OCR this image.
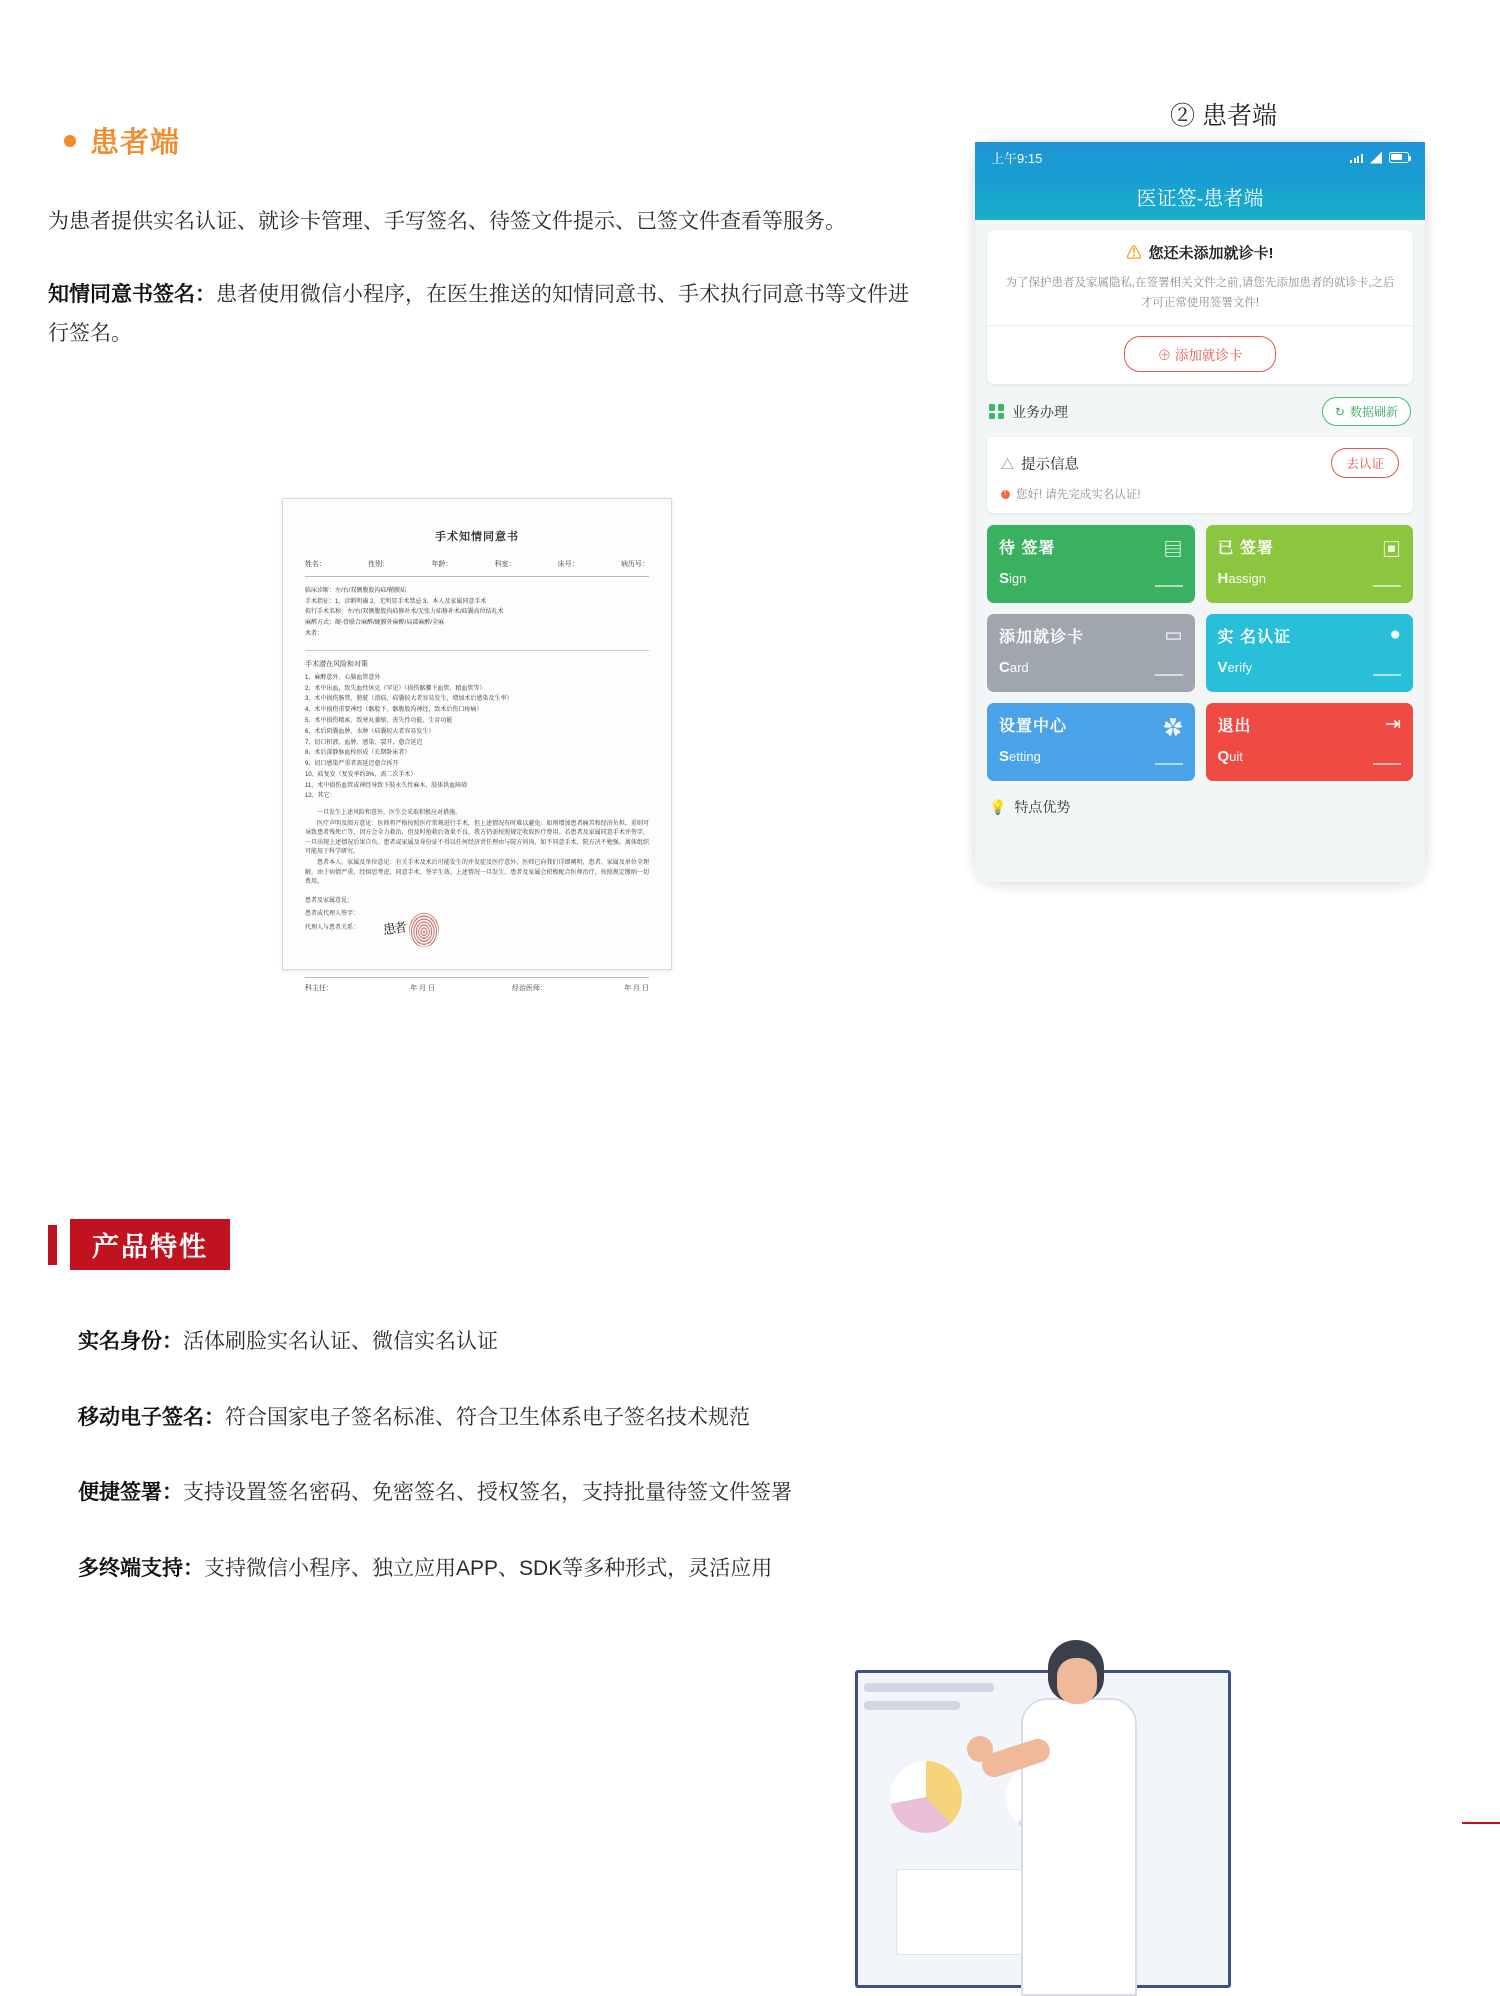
患者端

为患者提供实名认证、就诊卡管理、手写签名、待签文件提示、已签文件查看等服务。

知情同意书签名：患者使用微信小程序，在医生推送的知情同意书、手术执行同意书等文件进行签名。

手术知情同意书
姓名：	性别：	年龄：	科室：	床号：	病历号：

临床诊断：左/右/双侧腹股沟疝/鞘膜疝

手术指征：1、诊断明确 2、无明显手术禁忌 3、本人及家属同意手术

拟行手术名称：左/右/双侧腹股沟疝修补术/无张力疝修补术/疝囊高位结扎术

麻醉方式：硬-骨联合麻醉/硬膜外麻醉/局部麻醉/全麻

术者：

手术潜在风险和对策

1、麻醉意外、心脑血管意外

2、术中出血，致失血性休克（罕见）（损伤髂腰下血管、精血管等）

3、术中损伤肠管、膀胱（滑疝、疝囊较大者容易发生，增加术后感染及生率）

4、术中损伤重要神经（髂股下、髂腹股沟神经，致术后伤口疼痛）

5、术中损伤精索、致寒丸萎缩、丧失性功能、生育功能

6、术后阴囊血肿、水肿（疝囊较大者容易发生）

7、切口积液、血肿、感染、裂开，愈合延迟

8、术后深静脉血栓形成（长期卧床者）

9、切口感染严重者需延迟愈合拆开

10、疝复发（复发率约3%，需二次手术）

11、术中损伤血管或神经导致下肢永久性麻木、肢体供血障碍

12、其它：

一旦发生上述风险和意外，医生会采取积极应对措施。

医疗声明及阅方意见：医师将严格按照医疗常规进行手术，但上述情况有时难以避免。如则增加患者痛苦和经济负担，重则可导致患者残死亡等，因方会全力救治，但及时抢救后效果不良，我方仍需按照规定收取医疗费用。若患者及家属同意手术并签字，一旦出现上述情况后果自负。患者或家属及身份证不得以任何经济责任理由与院方问询，如不同意手术，院方决不勉强。离体组织可能用于科学研究。

患者本人、家属及单位意见：有关手术及术后可能发生的并发症及医疗意外，医师已向我们详细阐明，患者、家属及单位全理解，由于病情严重，经慎思考虑，同意手术、签字生效。上述情况一旦发生，患者及家属会积极配合医师治疗，按照规定缴纳一切费用。

患者及家属意见：
患者或代理人签字：
代理人与患者关系：	患者
科主任：	年 月 日	经治医师：	年 月 日
② 患者端
上午9:15	◢
医证签-患者端
⚠ 您还未添加就诊卡!
为了保护患者及家属隐私,在签署相关文件之前,请您先添加患者的就诊卡,之后才可正常使用签署文件!
⊕ 添加就诊卡
业务办理	↻ 数据刷新
△ 提示信息	去认证
!
您好! 请先完成实名认证!
待 签署
Sign
▤ 已 签署
Hassign
▣
添加就诊卡
Card
▭ 实 名认证
Verify
●
设置中心
Setting
✿ 退出
Quit
⇥
💡 特点优势
产品特性
实名身份：活体刷脸实名认证、微信实名认证
移动电子签名：符合国家电子签名标准、符合卫生体系电子签名技术规范
便捷签署：支持设置签名密码、免密签名、授权签名，支持批量待签文件签署
多终端支持：支持微信小程序、独立应用APP、SDK等多种形式，灵活应用
